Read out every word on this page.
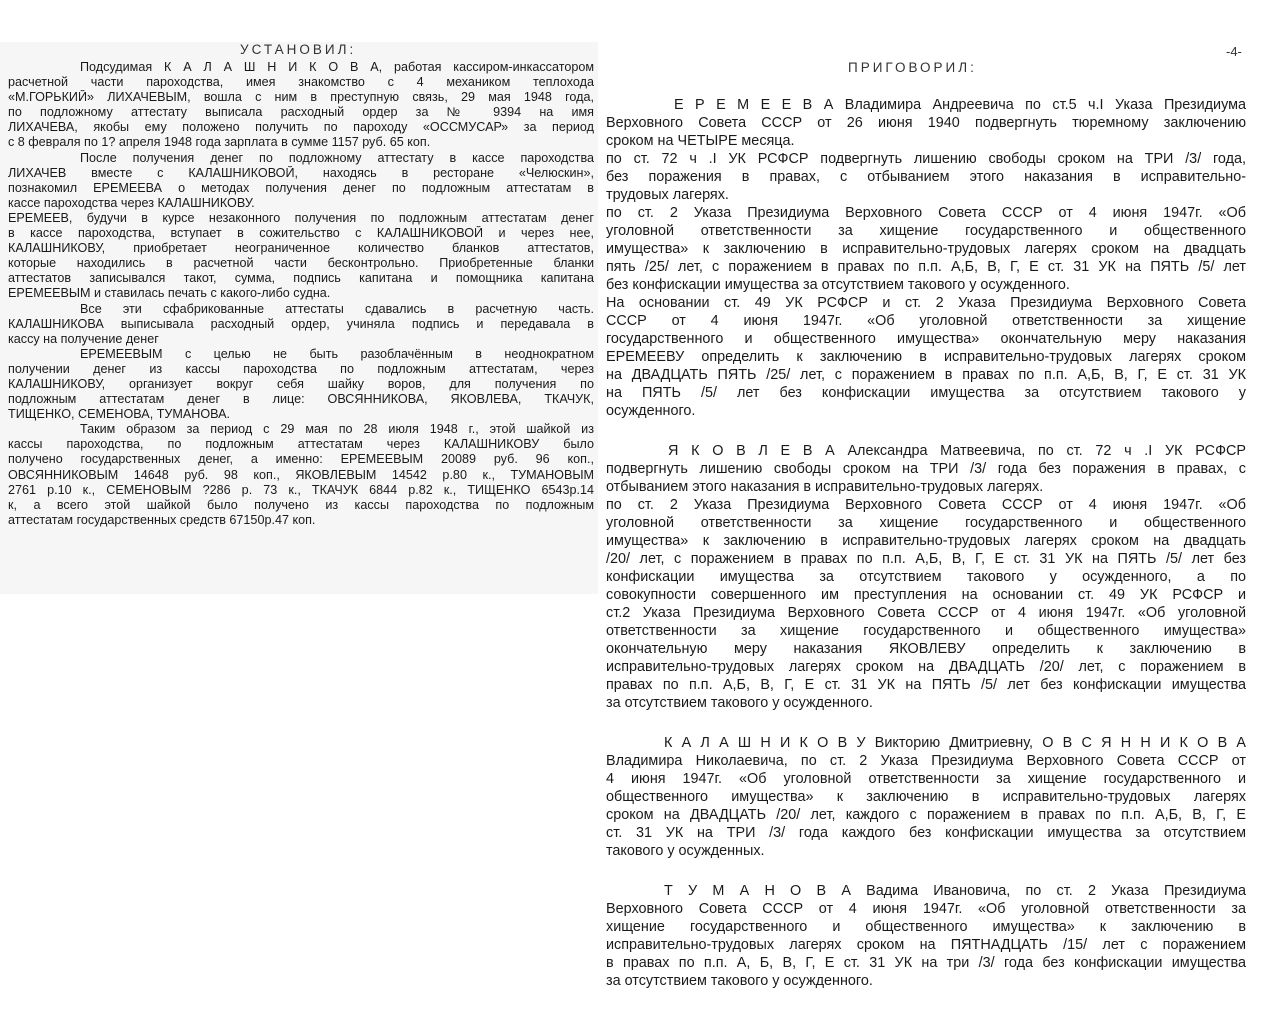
УСТАНОВИЛ:
Подсудимая К А Л А Ш Н И К О В А, работая кассиром-инкассатором
расчетной части пароходства, имея знакомство с 4 механиком теплохода
«М.ГОРЬКИЙ» ЛИХАЧЕВЫМ, вошла с ним в преступную связь, 29 мая 1948 года,
по подложному аттестату выписала расходный ордер за № 9394 на имя
ЛИХАЧЕВА, якобы ему положено получить по пароходу «ОССМУСАР» за период
с 8 февраля по 1? апреля 1948 года зарплата в сумме 1157 руб. 65 коп.
После получения денег по подложному аттестату в кассе пароходства
ЛИХАЧЕВ вместе с КАЛАШНИКОВОЙ, находясь в ресторане «Челюскин»,
познакомил ЕРЕМЕЕВА о методах получения денег по подложным аттестатам в
кассе пароходства через КАЛАШНИКОВУ.
ЕРЕМЕЕВ, будучи в курсе незаконного получения по подложным аттестатам денег
в кассе пароходства, вступает в сожительство с КАЛАШНИКОВОЙ и через нее,
КАЛАШНИКОВУ, приобретает неограниченное количество бланков аттестатов,
которые находились в расчетной части бесконтрольно. Приобретенные бланки
аттестатов записывался такот, сумма, подпись капитана и помощника капитана
ЕРЕМЕЕВЫМ и ставилась печать с какого-либо судна.
Все эти сфабрикованные аттестаты сдавались в расчетную часть.
КАЛАШНИКОВА выписывала расходный ордер, учиняла подпись и передавала в
кассу на получение денег
ЕРЕМЕЕВЫМ с целью не быть разоблачённым в неоднократном
получении денег из кассы пароходства по подложным аттестатам, через
КАЛАШНИКОВУ, организует вокруг себя шайку воров, для получения по
подложным аттестатам денег в лице: ОВСЯННИКОВА, ЯКОВЛЕВА, ТКАЧУК,
ТИЩЕНКО, СЕМЕНОВА, ТУМАНОВА.
Таким образом за период с 29 мая по 28 июля 1948 г., этой шайкой из
кассы пароходства, по подложным аттестатам через КАЛАШНИКОВУ было
получено государственных денег, а именно: ЕРЕМЕЕВЫМ 20089 руб. 96 коп.,
ОВСЯННИКОВЫМ 14648 руб. 98 коп., ЯКОВЛЕВЫМ 14542 р.80 к., ТУМАНОВЫМ
2761 р.10 к., СЕМЕНОВЫМ ?286 р. 73 к., ТКАЧУК 6844 р.82 к., ТИЩЕНКО 6543р.14
к, а всего этой шайкой было получено из кассы пароходства по подложным
аттестатам государственных средств 67150р.47 коп.
-4-
ПРИГОВОРИЛ:
Е Р Е М Е Е В А Владимира Андреевича по ст.5 ч.I Указа Президиума
Верховного Совета СССР от 26 июня 1940 подвергнуть тюремному заключению
сроком на ЧЕТЫРЕ месяца.
по ст. 72 ч .I УК РСФСР подвергнуть лишению свободы сроком на ТРИ /3/ года,
без поражения в правах, с отбыванием этого наказания в исправительно-
трудовых лагерях.
по ст. 2 Указа Президиума Верховного Совета СССР от 4 июня 1947г. «Об
уголовной ответственности за хищение государственного и общественного
имущества» к заключению в исправительно-трудовых лагерях сроком на двадцать
пять /25/ лет, с поражением в правах по п.п. А,Б, В, Г, Е ст. 31 УК на ПЯТЬ /5/ лет
без конфискации имущества за отсутствием такового у осужденного.
На основании ст. 49 УК РСФСР и ст. 2 Указа Президиума Верховного Совета
СССР от 4 июня 1947г. «Об уголовной ответственности за хищение
государственного и общественного имущества» окончательную меру наказания
ЕРЕМЕЕВУ определить к заключению в исправительно-трудовых лагерях сроком
на ДВАДЦАТЬ ПЯТЬ /25/ лет, с поражением в правах по п.п. А,Б, В, Г, Е ст. 31 УК
на ПЯТЬ /5/ лет без конфискации имущества за отсутствием такового у
осужденного.
Я К О В Л Е В А Александра Матвеевича, по ст. 72 ч .I УК РСФСР
подвергнуть лишению свободы сроком на ТРИ /3/ года без поражения в правах, с
отбыванием этого наказания в исправительно-трудовых лагерях.
по ст. 2 Указа Президиума Верховного Совета СССР от 4 июня 1947г. «Об
уголовной ответственности за хищение государственного и общественного
имущества» к заключению в исправительно-трудовых лагерях сроком на двадцать
/20/ лет, с поражением в правах по п.п. А,Б, В, Г, Е ст. 31 УК на ПЯТЬ /5/ лет без
конфискации имущества за отсутствием такового у осужденного, а по
совокупности совершенного им преступления на основании ст. 49 УК РСФСР и
ст.2 Указа Президиума Верховного Совета СССР от 4 июня 1947г. «Об уголовной
ответственности за хищение государственного и общественного имущества»
окончательную меру наказания ЯКОВЛЕВУ определить к заключению в
исправительно-трудовых лагерях сроком на ДВАДЦАТЬ /20/ лет, с поражением в
правах по п.п. А,Б, В, Г, Е ст. 31 УК на ПЯТЬ /5/ лет без конфискации имущества
за отсутствием такового у осужденного.
К А Л А Ш Н И К О В У Викторию Дмитриевну, О В С Я Н Н И К О В А
Владимира Николаевича, по ст. 2 Указа Президиума Верховного Совета СССР от
4 июня 1947г. «Об уголовной ответственности за хищение государственного и
общественного имущества» к заключению в исправительно-трудовых лагерях
сроком на ДВАДЦАТЬ /20/ лет, каждого с поражением в правах по п.п. А,Б, В, Г, Е
ст. 31 УК на ТРИ /3/ года каждого без конфискации имущества за отсутствием
такового у осужденных.
Т У М А Н О В А Вадима Ивановича, по ст. 2 Указа Президиума
Верховного Совета СССР от 4 июня 1947г. «Об уголовной ответственности за
хищение государственного и общественного имущества» к заключению в
исправительно-трудовых лагерях сроком на ПЯТНАДЦАТЬ /15/ лет с поражением
в правах по п.п. А, Б, В, Г, Е ст. 31 УК на три /3/ года без конфискации имущества
за отсутствием такового у осужденного.
